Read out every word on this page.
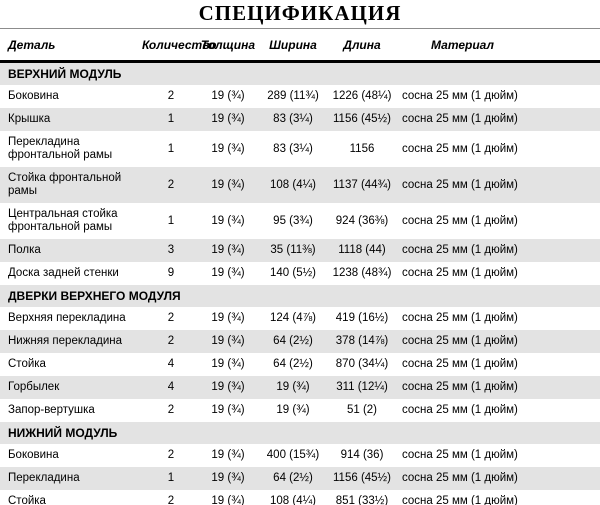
СПЕЦИФИКАЦИЯ
Деталь	Количество	Толщина	Ширина	Длина	Материал
ВЕРХНИЙ МОДУЛЬ					
Боковина	2	19 (¾)	289 (11¾)	1226 (48¼)	сосна 25 мм (1 дюйм)
Крышка	1	19 (¾)	83 (3¼)	1156 (45½)	сосна 25 мм (1 дюйм)
Перекладина фронтальной рамы	1	19 (¾)	83 (3¼)	1156	сосна 25 мм (1 дюйм)
Стойка фронтальной рамы	2	19 (¾)	108 (4¼)	1137 (44¾)	сосна 25 мм (1 дюйм)
Центральная стойка фронтальной рамы	1	19 (¾)	95 (3¾)	924 (36⅜)	сосна 25 мм (1 дюйм)
Полка	3	19 (¾)	35 (11⅜)	1118 (44)	сосна 25 мм (1 дюйм)
Доска задней стенки	9	19 (¾)	140 (5½)	1238 (48¾)	сосна 25 мм (1 дюйм)
ДВЕРКИ ВЕРХНЕГО МОДУЛЯ					
Верхняя перекладина	2	19 (¾)	124 (4⅞)	419 (16½)	сосна 25 мм (1 дюйм)
Нижняя перекладина	2	19 (¾)	64 (2½)	378 (14⅞)	сосна 25 мм (1 дюйм)
Стойка	4	19 (¾)	64 (2½)	870 (34¼)	сосна 25 мм (1 дюйм)
Горбылек	4	19 (¾)	19 (¾)	311 (12¼)	сосна 25 мм (1 дюйм)
Запор-вертушка	2	19 (¾)	19 (¾)	51 (2)	сосна 25 мм (1 дюйм)
НИЖНИЙ МОДУЛЬ					
Боковина	2	19 (¾)	400 (15¾)	914 (36)	сосна 25 мм (1 дюйм)
Перекладина	1	19 (¾)	64 (2½)	1156 (45½)	сосна 25 мм (1 дюйм)
Стойка	2	19 (¾)	108 (4¼)	851 (33½)	сосна 25 мм (1 дюйм)
